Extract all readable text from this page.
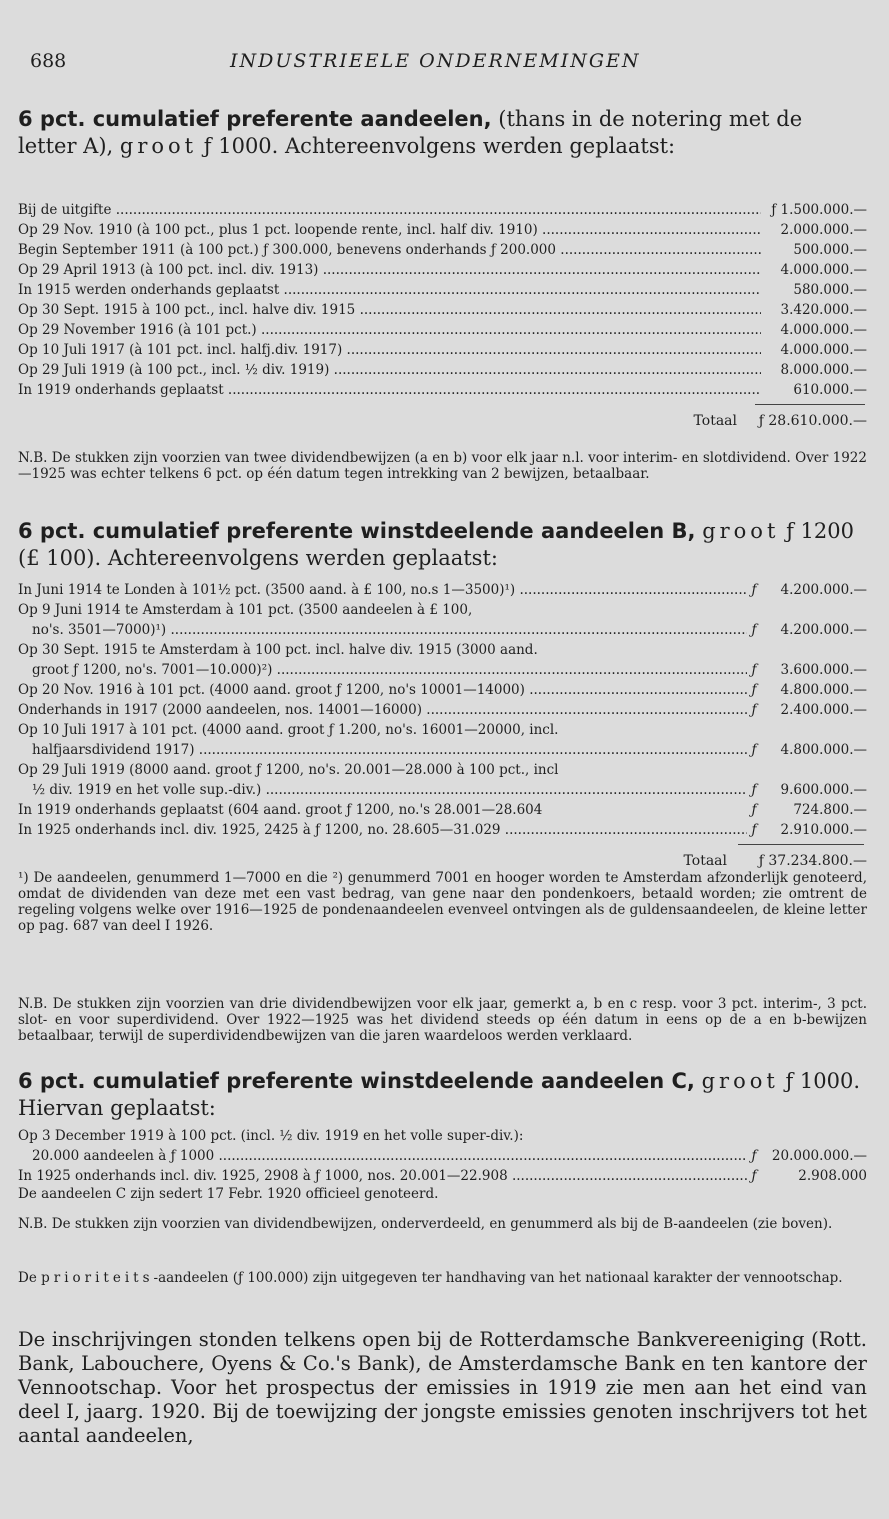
688	INDUSTRIEELE ONDERNEMINGEN
6 pct. cumulatief preferente aandeelen, (thans in de notering met de letter A), groot ƒ 1000. Achtereenvolgens werden geplaatst:
Bij de uitgifte .....	ƒ 1.500.000.—
Op 29 Nov. 1910 (à 100 pct., plus 1 pct. loopende rente, incl. half div. 1910) .....	2.000.000.—
Begin September 1911 (à 100 pct.) ƒ 300.000, benevens onderhands ƒ 200.000 .....	500.000.—
Op 29 April 1913 (à 100 pct. incl. div. 1913) .....	4.000.000.—
In 1915 werden onderhands geplaatst .....	580.000.—
Op 30 Sept. 1915 à 100 pct., incl. halve div. 1915 .....	3.420.000.—
Op 29 November 1916 (à 101 pct.) .....	4.000.000.—
Op 10 Juli 1917 (à 101 pct. incl. halfj.div. 1917) .....	4.000.000.—
Op 29 Juli 1919 (à 100 pct., incl. ½ div. 1919) .....	8.000.000.—
In 1919 onderhands geplaatst .....	610.000.—
Totaal	ƒ 28.610.000.—
N.B. De stukken zijn voorzien van twee dividendbewijzen (a en b) voor elk jaar n.l. voor interim- en slotdividend. Over 1922—1925 was echter telkens 6 pct. op één datum tegen intrekking van 2 bewijzen, betaalbaar.
6 pct. cumulatief preferente winstdeelende aandeelen B, groot ƒ 1200 (£ 100). Achtereenvolgens werden geplaatst:
In Juni 1914 te Londen à 101½ pct. (3500 aand. à £ 100, no.s 1—3500)¹) .....	ƒ	4.200.000.—
Op 9 Juni 1914 te Amsterdam à 101 pct. (3500 aandeelen à £ 100,
no's. 3501—7000)¹) .....	ƒ	4.200.000.—
Op 30 Sept. 1915 te Amsterdam à 100 pct. incl. halve div. 1915 (3000 aand.
groot ƒ 1200, no's. 7001—10.000)²) .....	ƒ	3.600.000.—
Op 20 Nov. 1916 à 101 pct. (4000 aand. groot ƒ 1200, no's 10001—14000) .....	ƒ	4.800.000.—
Onderhands in 1917 (2000 aandeelen, nos. 14001—16000) .....	ƒ	2.400.000.—
Op 10 Juli 1917 à 101 pct. (4000 aand. groot ƒ 1.200, no's. 16001—20000, incl.
halfjaarsdividend 1917) .....	ƒ	4.800.000.—
Op 29 Juli 1919 (8000 aand. groot ƒ 1200, no's. 20.001—28.000 à 100 pct., incl
½ div. 1919 en het volle sup.-div.) .....	ƒ	9.600.000.—
In 1919 onderhands geplaatst (604 aand. groot ƒ 1200, no.'s 28.001—28.604	ƒ	724.800.—
In 1925 onderhands incl. div. 1925, 2425 à ƒ 1200, no. 28.605—31.029 .....	ƒ	2.910.000.—
Totaal	ƒ 37.234.800.—
¹) De aandeelen, genummerd 1—7000 en die ²) genummerd 7001 en hooger worden te Amsterdam afzonderlijk genoteerd, omdat de dividenden van deze met een vast bedrag, van gene naar den pondenkoers, betaald worden; zie omtrent de regeling volgens welke over 1916—1925 de pondenaandeelen evenveel ontvingen als de guldensaandeelen, de kleine letter op pag. 687 van deel I 1926.
N.B. De stukken zijn voorzien van drie dividendbewijzen voor elk jaar, gemerkt a, b en c resp. voor 3 pct. interim-, 3 pct. slot- en voor superdividend. Over 1922—1925 was het dividend steeds op één datum in eens op de a en b-bewijzen betaalbaar, terwijl de superdividendbewijzen van die jaren waardeloos werden verklaard.
6 pct. cumulatief preferente winstdeelende aandeelen C, groot ƒ 1000. Hiervan geplaatst:
Op 3 December 1919 à 100 pct. (incl. ½ div. 1919 en het volle super-div.):
20.000 aandeelen à ƒ 1000 .....	ƒ	20.000.000.—
In 1925 onderhands incl. div. 1925, 2908 à ƒ 1000, nos. 20.001—22.908 .....	ƒ	2.908.000
De aandeelen C zijn sedert 17 Febr. 1920 officieel genoteerd.
N.B. De stukken zijn voorzien van dividendbewijzen, onderverdeeld, en genummerd als bij de B-aandeelen (zie boven).
De prioriteits-aandeelen (ƒ 100.000) zijn uitgegeven ter handhaving van het nationaal karakter der vennootschap.
De inschrijvingen stonden telkens open bij de Rotterdamsche Bankvereeniging (Rott. Bank, Labouchere, Oyens & Co.'s Bank), de Amsterdamsche Bank en ten kantore der Vennootschap. Voor het prospectus der emissies in 1919 zie men aan het eind van deel I, jaarg. 1920. Bij de toewijzing der jongste emissies genoten inschrijvers tot het aantal aandeelen,
